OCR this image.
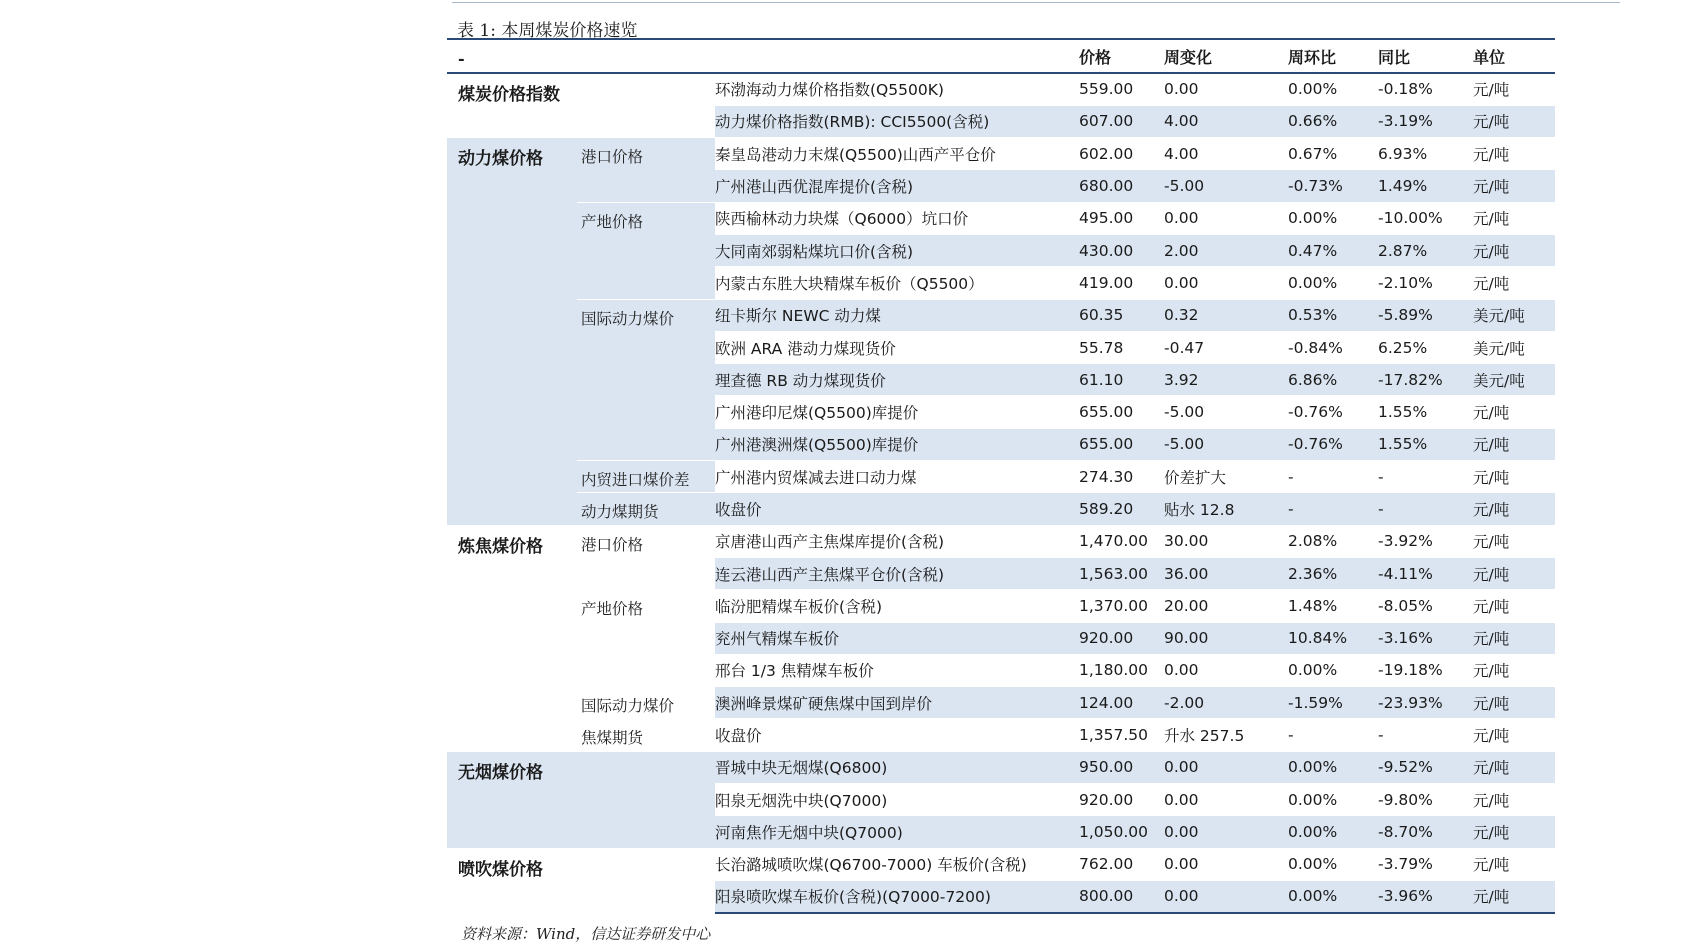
表 1: 本周煤炭价格速览
-			价格	周变化	周环比	同比	单位
煤炭价格指数		环渤海动力煤价格指数(Q5500K)	559.00	0.00	0.00%	-0.18%	元/吨
		动力煤价格指数(RMB): CCI5500(含税)	607.00	4.00	0.66%	-3.19%	元/吨
动力煤价格	港口价格	秦皇岛港动力末煤(Q5500)山西产平仓价	602.00	4.00	0.67%	6.93%	元/吨
		广州港山西优混库提价(含税)	680.00	-5.00	-0.73%	1.49%	元/吨
	产地价格	陕西榆林动力块煤（Q6000）坑口价	495.00	0.00	0.00%	-10.00%	元/吨
		大同南郊弱粘煤坑口价(含税)	430.00	2.00	0.47%	2.87%	元/吨
		内蒙古东胜大块精煤车板价（Q5500）	419.00	0.00	0.00%	-2.10%	元/吨
	国际动力煤价	纽卡斯尔 NEWC 动力煤	60.35	0.32	0.53%	-5.89%	美元/吨
		欧洲 ARA 港动力煤现货价	55.78	-0.47	-0.84%	6.25%	美元/吨
		理查德 RB 动力煤现货价	61.10	3.92	6.86%	-17.82%	美元/吨
		广州港印尼煤(Q5500)库提价	655.00	-5.00	-0.76%	1.55%	元/吨
		广州港澳洲煤(Q5500)库提价	655.00	-5.00	-0.76%	1.55%	元/吨
	内贸进口煤价差	广州港内贸煤减去进口动力煤	274.30	价差扩大	-	-	元/吨
	动力煤期货	收盘价	589.20	贴水 12.8	-	-	元/吨
炼焦煤价格	港口价格	京唐港山西产主焦煤库提价(含税)	1,470.00	30.00	2.08%	-3.92%	元/吨
		连云港山西产主焦煤平仓价(含税)	1,563.00	36.00	2.36%	-4.11%	元/吨
	产地价格	临汾肥精煤车板价(含税)	1,370.00	20.00	1.48%	-8.05%	元/吨
		兖州气精煤车板价	920.00	90.00	10.84%	-3.16%	元/吨
		邢台 1/3 焦精煤车板价	1,180.00	0.00	0.00%	-19.18%	元/吨
	国际动力煤价	澳洲峰景煤矿硬焦煤中国到岸价	124.00	-2.00	-1.59%	-23.93%	元/吨
	焦煤期货	收盘价	1,357.50	升水 257.5	-	-	元/吨
无烟煤价格		晋城中块无烟煤(Q6800)	950.00	0.00	0.00%	-9.52%	元/吨
		阳泉无烟洗中块(Q7000)	920.00	0.00	0.00%	-9.80%	元/吨
		河南焦作无烟中块(Q7000)	1,050.00	0.00	0.00%	-8.70%	元/吨
喷吹煤价格		长治潞城喷吹煤(Q6700-7000) 车板价(含税)	762.00	0.00	0.00%	-3.79%	元/吨
		阳泉喷吹煤车板价(含税)(Q7000-7200)	800.00	0.00	0.00%	-3.96%	元/吨
资料来源：Wind，信达证券研发中心
